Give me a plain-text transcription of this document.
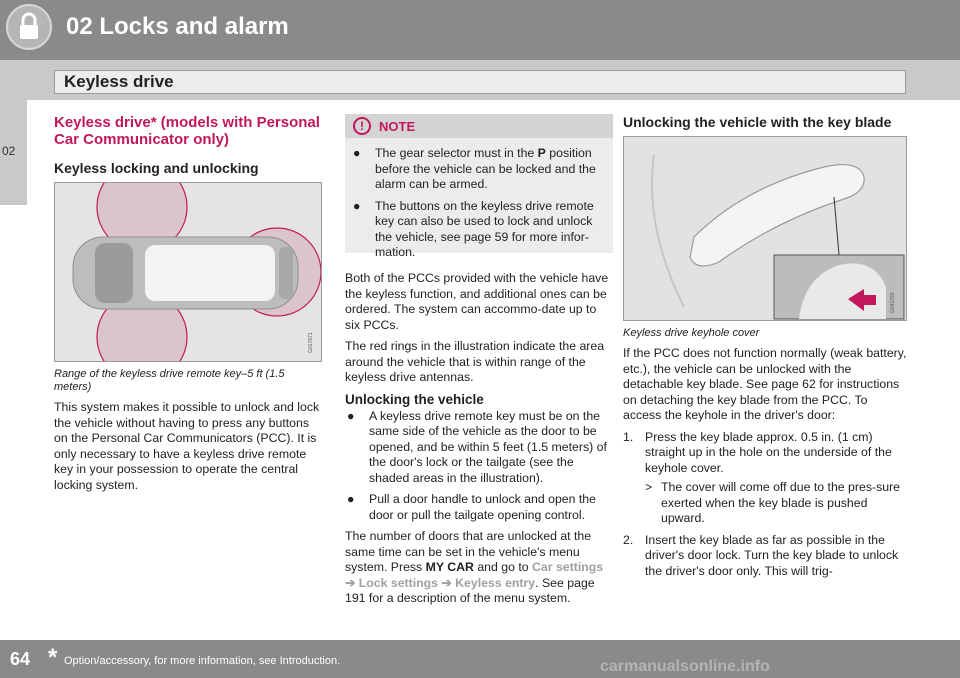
02 Locks and alarm
Keyless drive
02
Keyless drive* (models with Personal Car Communicator only)
Keyless locking and unlocking
G017871
Range of the keyless drive remote key–5 ft (1.5 meters)
This system makes it possible to unlock and lock the vehicle without having to press any buttons on the Personal Car Communicators (PCC). It is only necessary to have a keyless drive remote key in your possession to operate the central locking system.
!	NOTE
● The gear selector must in the P position before the vehicle can be locked and the alarm can be armed.
● The buttons on the keyless drive remote key can also be used to lock and unlock the vehicle, see page 59 for more infor-mation.
Both of the PCCs provided with the vehicle have the keyless function, and additional ones can be ordered. The system can accommo-date up to six PCCs.
The red rings in the illustration indicate the area around the vehicle that is within range of the keyless drive antennas.
Unlocking the vehicle
● A keyless drive remote key must be on the same side of the vehicle as the door to be opened, and be within 5 feet (1.5 meters) of the door's lock or the tailgate (see the shaded areas in the illustration).
● Pull a door handle to unlock and open the door or pull the tailgate opening control.
The number of doors that are unlocked at the same time can be set in the vehicle's menu system. Press MY CAR and go to Car settings ➔ Lock settings ➔ Keyless entry. See page 191 for a description of the menu system.
Unlocking the vehicle with the key blade
G041793
Keyless drive keyhole cover
If the PCC does not function normally (weak battery, etc.), the vehicle can be unlocked with the detachable key blade. See page 62 for instructions on detaching the key blade from the PCC. To access the keyhole in the driver's door:
1. Press the key blade approx. 0.5 in. (1 cm) straight up in the hole on the underside of the keyhole cover.
> The cover will come off due to the pres-sure exerted when the key blade is pushed upward.
2. Insert the key blade as far as possible in the driver's door lock. Turn the key blade to unlock the driver's door only. This will trig-
64 * Option/accessory, for more information, see Introduction.	carmanualsonline.info
